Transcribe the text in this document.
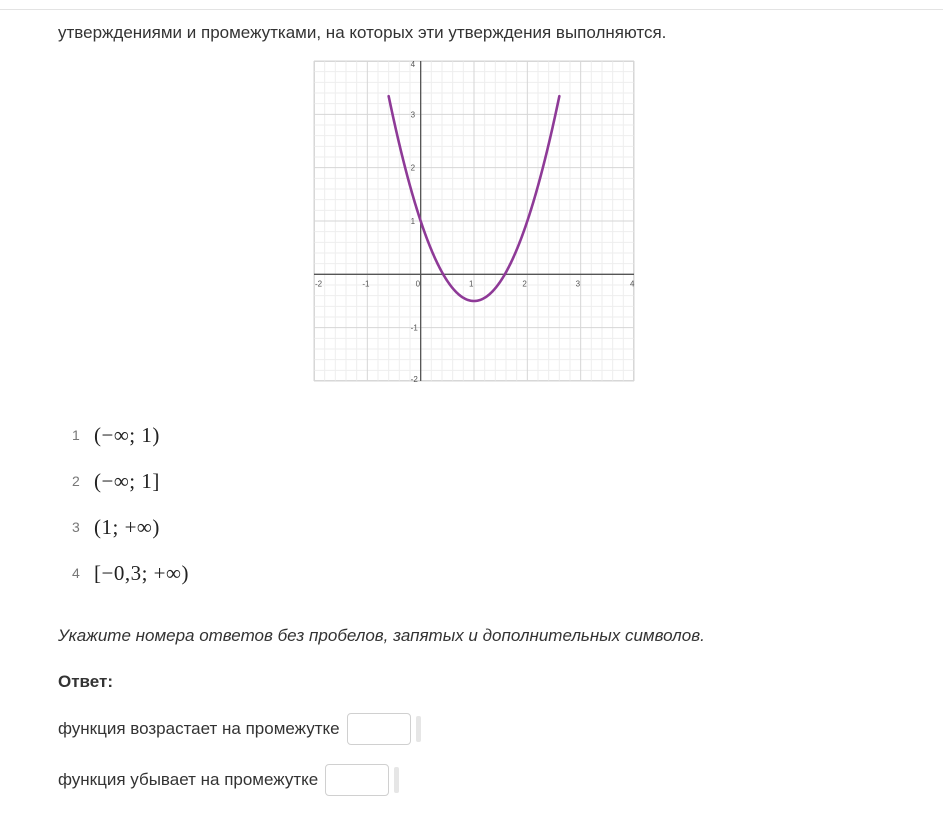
утверждениями и промежутками, на которых эти утверждения выполняются.
-2	-1	0	1	2	3	4
-1
1
2
3
4
-2
1 (−∞; 1)
2 (−∞; 1]
3 (1; +∞)
4 [−0,3; +∞)
Укажите номера ответов без пробелов, запятых и дополнительных символов.
Ответ:
функция возрастает на промежутке
функция убывает на промежутке
